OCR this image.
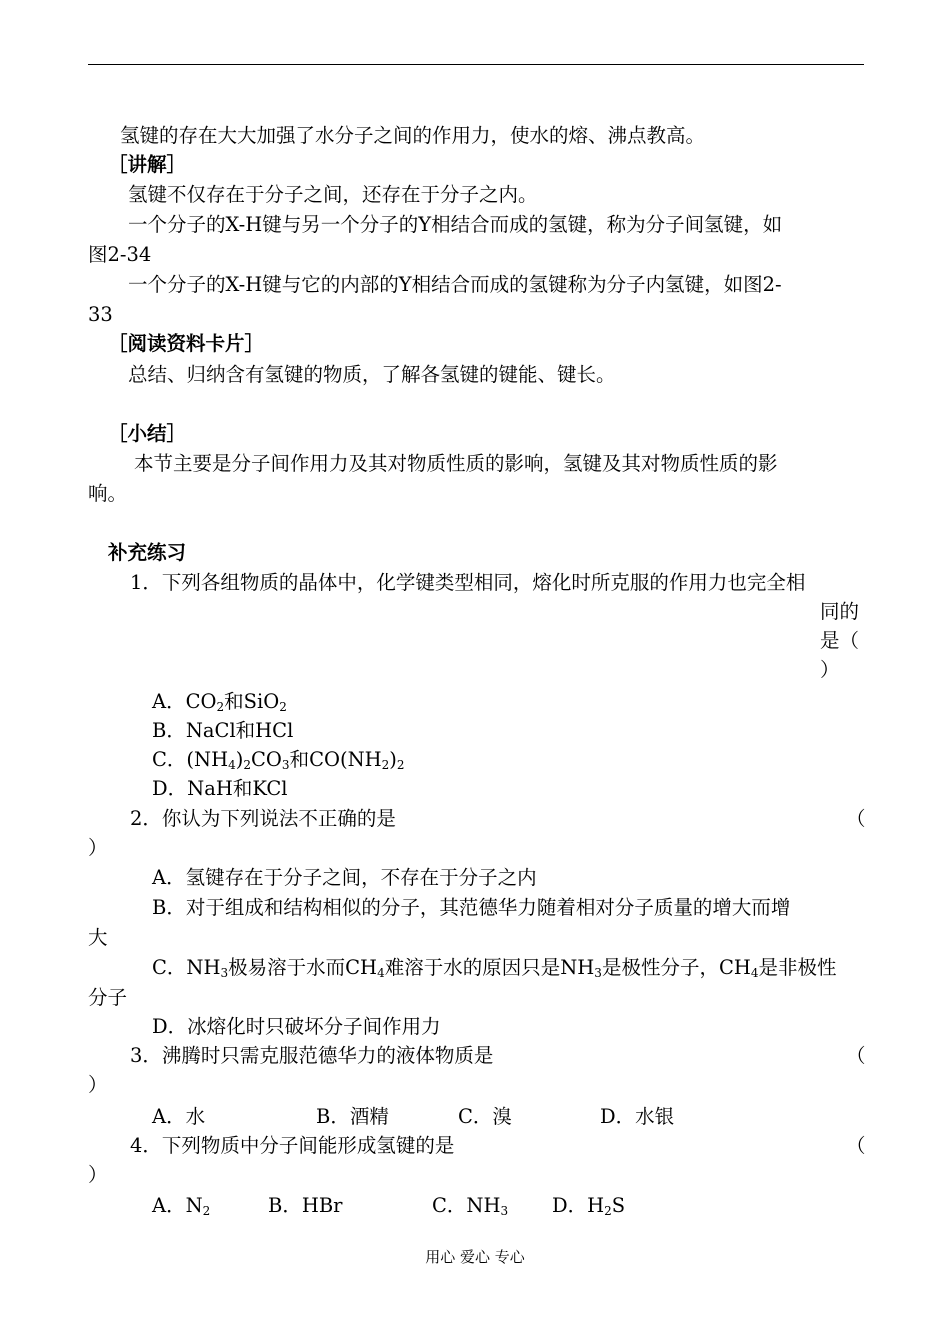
氢键的存在大大加强了水分子之间的作用力，使水的熔、沸点教高。
［讲解］
氢键不仅存在于分子之间，还存在于分子之内。
一个分子的X-H键与另一个分子的Y相结合而成的氢键，称为分子间氢键，如
图2-34
一个分子的X-H键与它的内部的Y相结合而成的氢键称为分子内氢键，如图2-
33
［阅读资料卡片］
总结、归纳含有氢键的物质，了解各氢键的键能、键长。
［小结］
本节主要是分子间作用力及其对物质性质的影响，氢键及其对物质性质的影
响。
补充练习
1．下列各组物质的晶体中，化学键类型相同，熔化时所克服的作用力也完全相
同的
是（
）
A．$CO_2$和SiO$_2$
B．NaCl和HCl
C．$(NH_4)_2CO_3$和$CO(NH_2)_2$
D．NaH和KCl
2．你认为下列说法不正确的是	（
）
A．氢键存在于分子之间，不存在于分子之内
B．对于组成和结构相似的分子，其范德华力随着相对分子质量的增大而增
大
C．$NH_3$极易溶于水而$CH_4$难溶于水的原因只是$NH_3$是极性分子，$CH_4$是非极性
分子
D．冰熔化时只破坏分子间作用力
3．沸腾时只需克服范德华力的液体物质是	（
）
A．水	B．酒精	C．溴	D．水银
4．下列物质中分子间能形成氢键的是	（
）
A．$N_2$	B．HBr	C．$NH_3$ D．$H_2S$
用心 爱心 专心
